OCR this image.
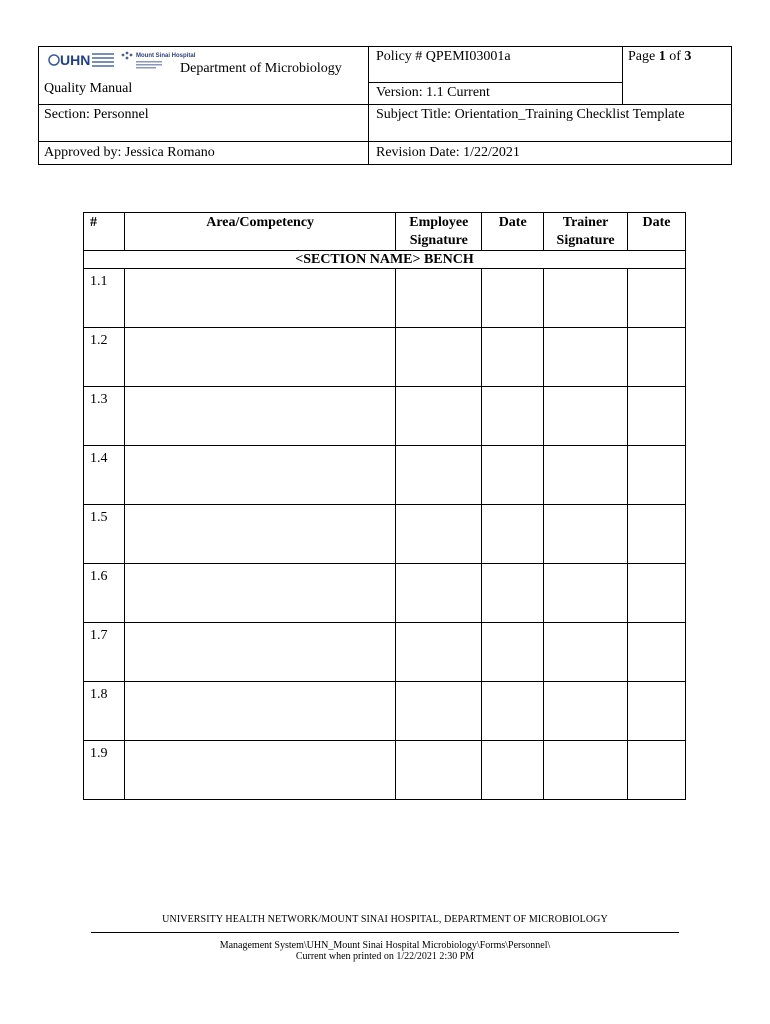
UHN	Mount Sinai Hospital
Department of Microbiology
Quality Manual
Policy # QPEMI03001a	Page 1 of 3
Version: 1.1 Current
Section: Personnel	Subject Title: Orientation_Training Checklist Template
Approved by: Jessica Romano	Revision Date: 1/22/2021
#	Area/Competency	Employee Signature	Date	Trainer Signature	Date
<SECTION NAME> BENCH					
1.1					
1.2					
1.3					
1.4					
1.5					
1.6					
1.7					
1.8					
1.9					
UNIVERSITY HEALTH NETWORK/MOUNT SINAI HOSPITAL, DEPARTMENT OF MICROBIOLOGY
Management System\UHN_Mount Sinai Hospital Microbiology\Forms\Personnel\
Current when printed on 1/22/2021 2:30 PM
